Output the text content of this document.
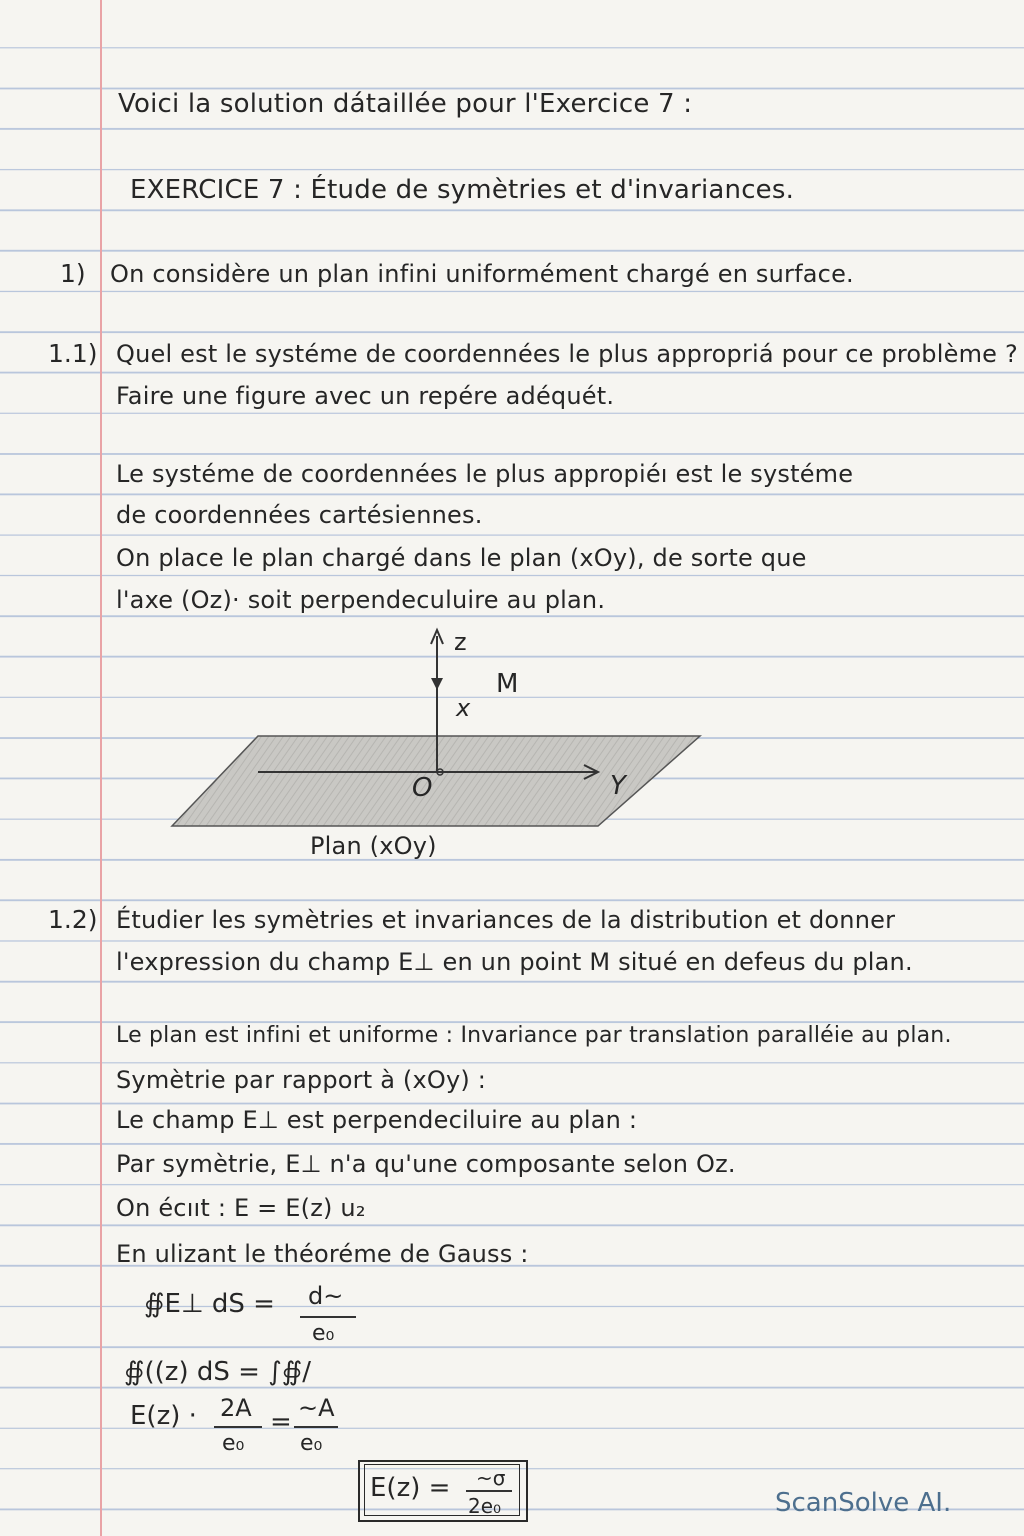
Voici la solution dátaillée pour l'Exercice 7 :
EXERCICE 7 : Étude de symètries et d'invariances.
1) On considère un plan infini uniformément chargé en surface.
1.1) Quel est le systéme de coordennées le plus appropriá pour ce problème ?
Faire une figure avec un repére adéquét.
Le systéme de coordennées le plus appropiéı est le systéme
de coordennées cartésiennes.
On place le plan chargé dans le plan (xOy), de sorte que
l'axe (Oz)· soit perpendeculuire au plan.
z
M
x
O	Y
Plan (xOy)
1.2) Étudier les symètries et invariances de la distribution et donner
l'expression du champ E⊥ en un point M situé en defeus du plan.
Le plan est infini et uniforme : Invariance par translation paralléie au plan.
Symètrie par rapport à (xOy) :
Le champ E⊥ est perpendeciluire au plan :
Par symètrie, E⊥ n'a qu'une composante selon Oz.
On écııt : E = E(z) u₂
En ulizant le théoréme de Gauss :
∯E⊥ dS = d~
e₀
∯((z) dS = ∫∯/
E(z) · 2A
e₀
= ~A
e₀
E(z) = ~σ
2e₀	ScanSolve AI.
